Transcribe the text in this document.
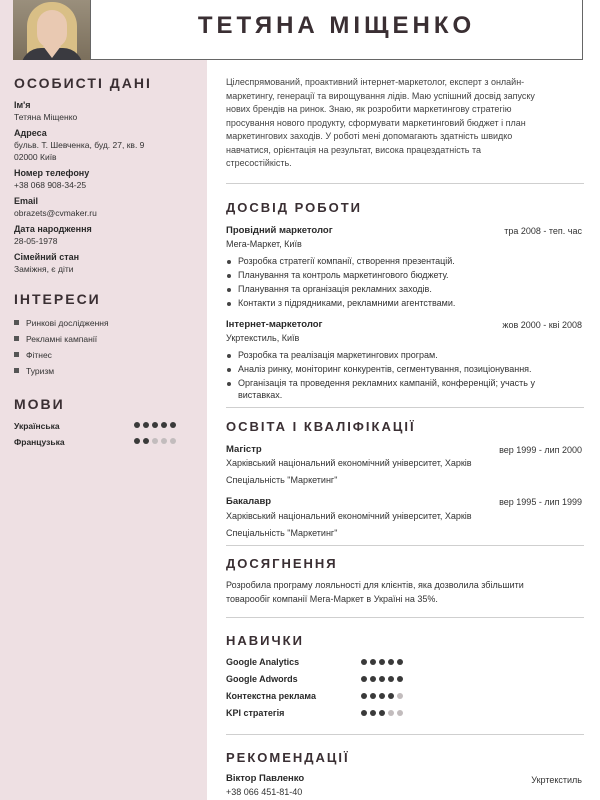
ТЕТЯНА МІЩЕНКО
ОСОБИСТІ ДАНІ
Ім'я
Тетяна Міщенко
Адреса
бульв. Т. Шевченка, буд. 27, кв. 9
02000 Київ
Номер телефону
+38 068 908-34-25
Email
obrazets@cvmaker.ru
Дата народження
28-05-1978
Сімейний стан
Заміжня, є діти
ІНТЕРЕСИ
Ринкові дослідження
Рекламні кампанії
Фітнес
Туризм
МОВИ
Українська
Французька
Цілеспрямований, проактивний інтернет-маркетолог, експерт з онлайн-
маркетингу, генерації та вирощування лідів. Маю успішний досвід запуску
нових брендів на ринок. Знаю, як розробити маркетингову стратегію
просування нового продукту, сформувати маркетинговий бюджет і план
маркетингових заходів. У роботі мені допомагають здатність швидко
навчатися, орієнтація на результат, висока працездатність та
стресостійкість.
ДОСВІД РОБОТИ
Провідний маркетолог	тра 2008 - теп. час
Мега-Маркет, Київ
Розробка стратегії компанії, створення презентацій.
Планування та контроль маркетингового бюджету.
Планування та організація рекламних заходів.
Контакти з підрядниками, рекламними агентствами.
Інтернет-маркетолог	жов 2000 - кві 2008
Укртекстиль, Київ
Розробка та реалізація маркетингових програм.
Аналіз ринку, моніторинг конкурентів, сегментування, позиціонування.
Організація та проведення рекламних кампаній, конференцій; участь у
виставках.
ОСВІТА І КВАЛІФІКАЦІЇ
Магістр	вер 1999 - лип 2000
Харківський національний економічний університет, Харків
Спеціальність "Маркетинг"
Бакалавр	вер 1995 - лип 1999
Харківський національний економічний університет, Харків
Спеціальність "Маркетинг"
ДОСЯГНЕННЯ
Розробила програму лояльності для клієнтів, яка дозволила збільшити
товарообіг компанії Мега-Маркет в Україні на 35%.
НАВИЧКИ
Google Analytics
Google Adwords
Контекстна реклама
KPI стратегія
РЕКОМЕНДАЦІЇ
Віктор Павленко	Укртекстиль
+38 066 451-81-40
